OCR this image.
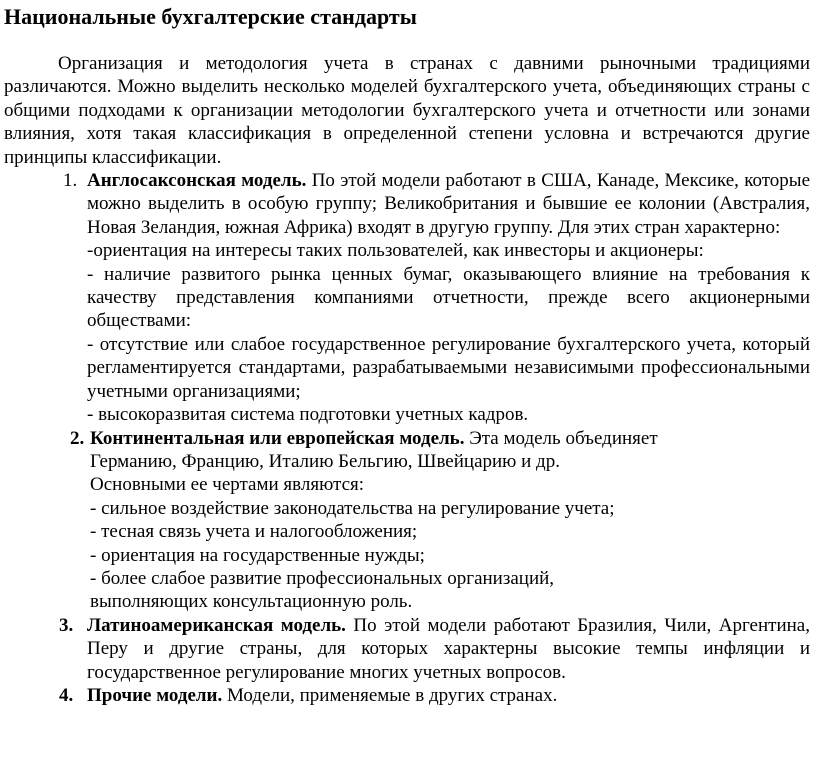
Национальные бухгалтерские стандарты

Организация и методология учета в странах с давними рыночными традициями различаются. Можно выделить несколько моделей бухгалтерского учета, объединяющих страны с общими подходами к организации методологии бухгалтерского учета и отчетности или зонами влияния, хотя такая классификация в определенной степени условна и встречаются другие принципы классификации.

1. Англосаксонская модель. По этой модели работают в США, Канаде, Мексике, которые можно выделить в особую группу; Великобритания и бывшие ее колонии (Австралия, Новая Зеландия, южная Африка) входят в другую группу. Для этих стран характерно:

-ориентация на интересы таких пользователей, как инвесторы и акционеры:

- наличие развитого рынка ценных бумаг, оказывающего влияние на требования к качеству представления компаниями отчетности, прежде всего акционерными обществами:

- отсутствие или слабое государственное регулирование бухгалтерского учета, который регламентируется стандартами, разрабатываемыми независимыми профессиональными учетными организациями;

- высокоразвитая система подготовки учетных кадров.

2. Континентальная или европейская модель. Эта модель объединяет

Германию, Францию, Италию Бельгию, Швейцарию и др.

Основными ее чертами являются:

- сильное воздействие законодательства на регулирование учета;

- тесная связь учета и налогообложения;

- ориентация на государственные нужды;

- более слабое развитие профессиональных организаций,

выполняющих консультационную роль.

3. Латиноамериканская модель. По этой модели работают Бразилия, Чили, Аргентина, Перу и другие страны, для которых характерны высокие темпы инфляции и государственное регулирование многих учетных вопросов.

4. Прочие модели. Модели, применяемые в других странах.
